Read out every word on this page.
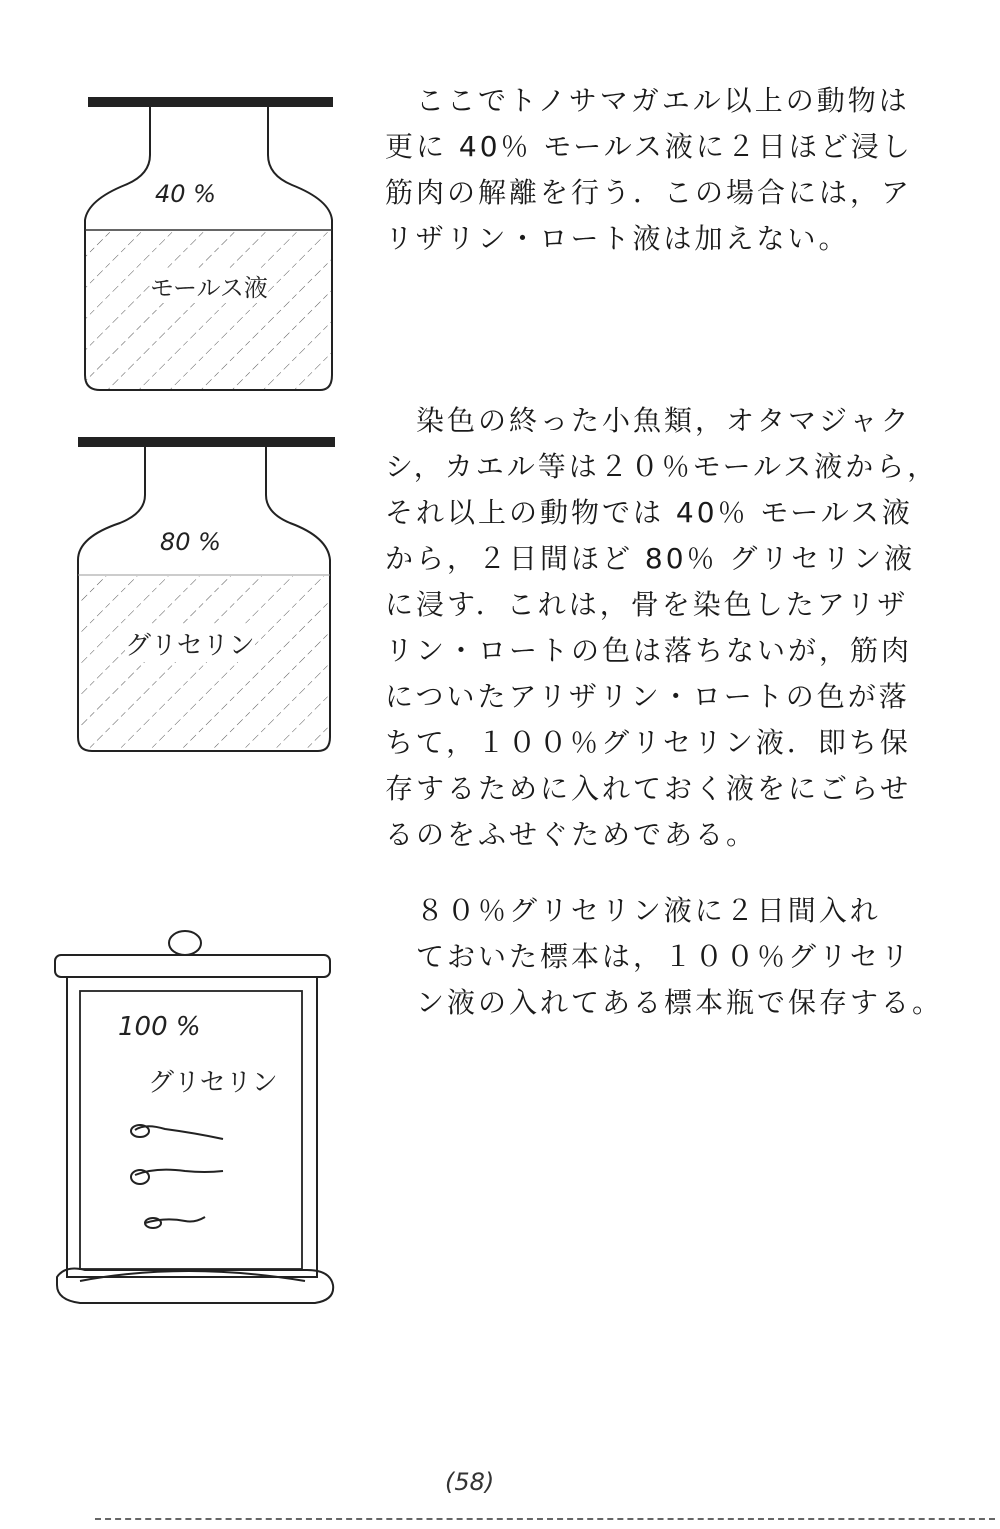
40 %
モールス液
80 %
グリセリン
100 %
グリセリン
　ここでトノサマガエル以上の動物は
更に 40％ モールス液に２日ほど浸し
筋肉の解離を行う．この場合には，ア
リザリン・ロート液は加えない。
　染色の終った小魚類，オタマジャク
シ，カエル等は２０％モールス液から，
それ以上の動物では 40％ モールス液
から，２日間ほど 80％ グリセリン液
に浸す．これは，骨を染色したアリザ
リン・ロートの色は落ちないが，筋肉
についたアリザリン・ロートの色が落
ちて，１００％グリセリン液．即ち保
存するために入れておく液をにごらせ
るのをふせぐためである。
　８０％グリセリン液に２日間入れ
　ておいた標本は，１００％グリセリ
　ン液の入れてある標本瓶で保存する。
(58)
